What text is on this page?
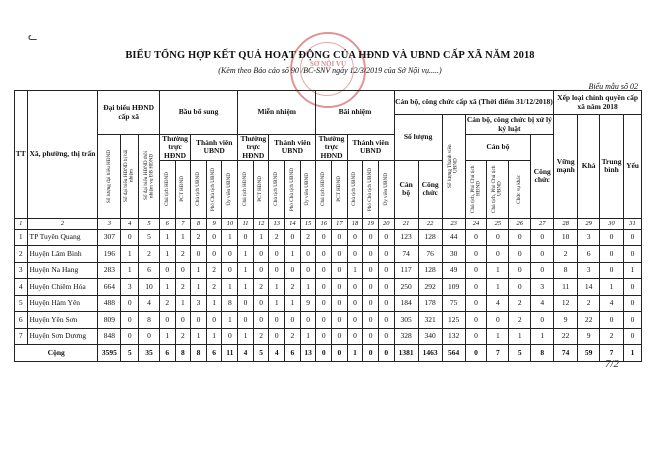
ᓚ
SỞ NỘI VỤ
BIỂU TỔNG HỢP KẾT QUẢ HOẠT ĐỘNG CỦA HĐND VÀ UBND CẤP XÃ NĂM 2018
(Kèm theo Báo cáo số 90 /BC-SNV ngày 12/3/2019 của Sở Nội vụ.....)
Biểu mẫu số 02
TT	Xã, phường, thị trấn	Đại biểu HĐND cấp xã			Bầu bổ sung					Miễn nhiệm					Bãi nhiệm					Cán bộ, công chức cấp xã (Thời điểm 31/12/2018)							Xếp loại chính quyền cấp xã năm 2018			
																				Số lượng		Số lượng Thành viên UBND	Cán bộ, công chức bị xử lý kỷ luật				Vững mạnh	Khá	Trung bình	Yếu

		Số lượng đại biểu HĐND	Số đại biểu HĐND bị bãi nhiệm	Số đại biểu HĐND thôi nhiệm vụ ĐB HĐND	Thường trực HĐND		Thành viên UBND			Thường trực HĐND		Thành viên UBND			Thường trực HĐND		Thành viên UBND						Cán bộ			Công chức				

					Chủ tịch HĐND	PCT HĐND	Chủ tịch UBND	Phó Chủ tịch UBND	Ủy viên UBND	Chủ tịch HĐND	PCT HĐND	Chủ tịch UBND	Phó Chủ tịch UBND	Ủy viên UBND	Chủ tịch HĐND	PCT HĐND	Chủ tịch UBND	Phó Chủ tịch UBND	Ủy viên UBND	Cán bộ	Công chức		Chủ tịch, Phó Chủ tịch HĐND	Chủ tịch, Phó Chủ tịch UBND	Chức vụ khác					

1	2	3	4	5	6	7	8	9	10	11	12	13	14	15	16	17	18	19	20	21	22	23	24	25	26	27	28	29	30	31
1	TP Tuyên Quang	307	0	5	1	1	2	0	1	0	1	2	0	2	0	0	0	0	0	123	128	44	0	0	0	0	10	3	0	0
2	Huyện Lâm Bình	196	1	2	1	2	0	0	0	1	0	0	1	0	0	0	0	0	0	74	76	30	0	0	0	0	2	6	0	0
3	Huyện Na Hang	283	1	6	0	0	1	2	0	1	0	0	0	0	0	0	1	0	0	117	128	49	0	1	0	0	8	3	0	1
4	Huyện Chiêm Hóa	664	3	10	1	2	1	2	1	1	2	1	2	1	0	0	0	0	0	250	292	109	0	1	0	3	11	14	1	0
5	Huyện Hàm Yên	488	0	4	2	1	3	1	8	0	0	1	1	9	0	0	0	0	0	184	178	75	0	4	2	4	12	2	4	0
6	Huyện Yên Sơn	809	0	8	0	0	0	0	1	0	0	0	0	0	0	0	0	0	0	305	321	125	0	0	2	0	9	22	0	0
7	Huyện Sơn Dương	848	0	0	1	2	1	1	0	1	2	0	2	1	0	0	0	0	0	328	340	132	0	1	1	1	22	9	2	0
Cộng		3595	5	35	6	8	8	6	11	4	5	4	6	13	0	0	1	0	0	1381	1463	564	0	7	5	8	74	59	7	1
7/2
